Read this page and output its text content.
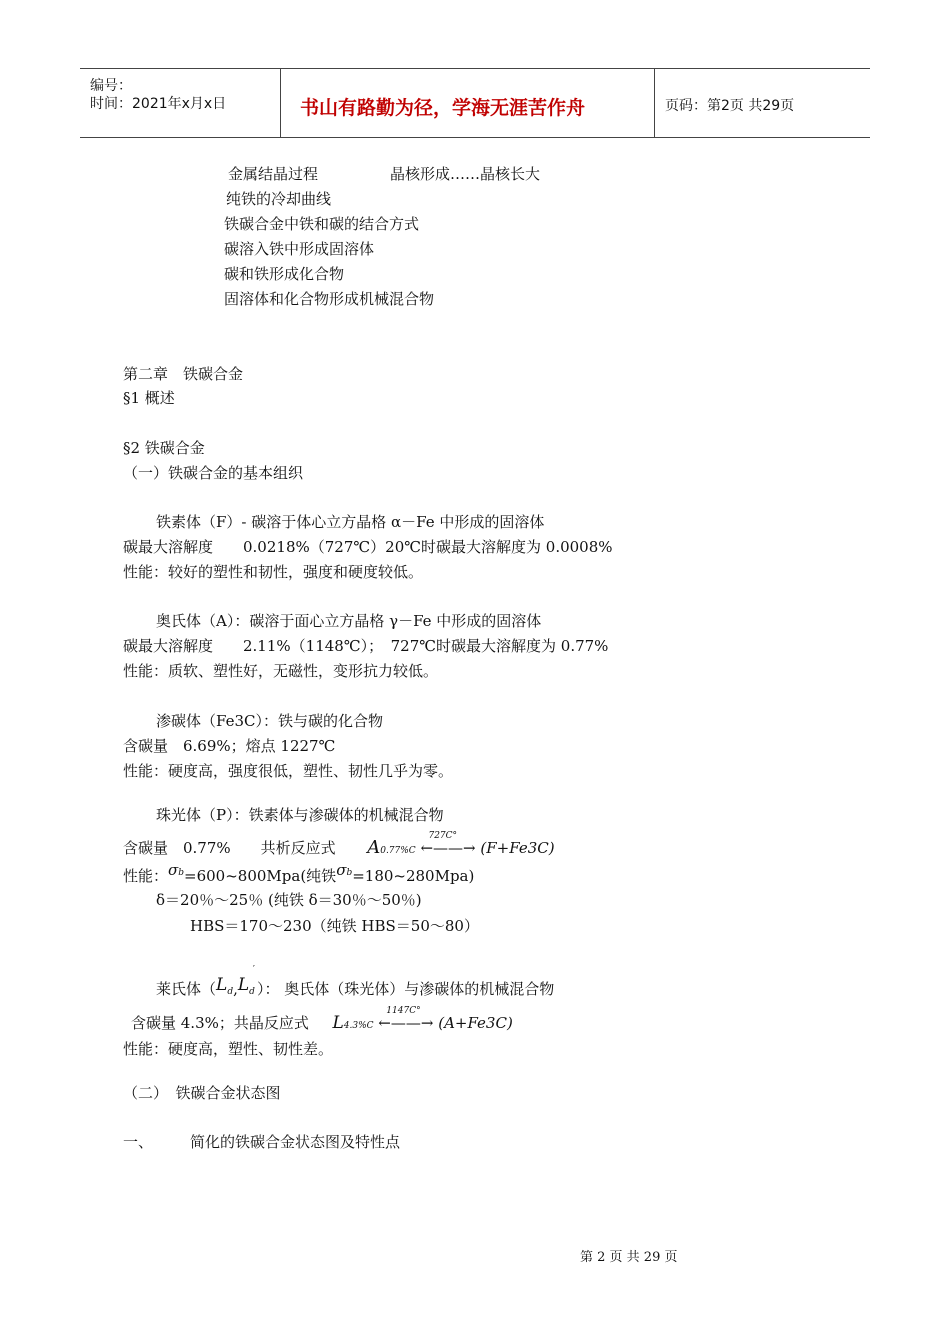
编号：
时间：2021年x月x日	书山有路勤为径，学海无涯苦作舟	页码：第2页 共29页
金属结晶过程	晶核形成……晶核长大
纯铁的冷却曲线
铁碳合金中铁和碳的结合方式
碳溶入铁中形成固溶体
碳和铁形成化合物
固溶体和化合物形成机械混合物
第二章　铁碳合金
§1 概述
§2 铁碳合金
（一）铁碳合金的基本组织
铁素体（F）- 碳溶于体心立方晶格 α－Fe 中形成的固溶体
碳最大溶解度　　0.0218%（727℃）20℃时碳最大溶解度为 0.0008%
性能：较好的塑性和韧性，强度和硬度较低。
奥氏体（A）：碳溶于面心立方晶格 γ－Fe 中形成的固溶体
碳最大溶解度　　2.11%（1148℃）；　727℃时碳最大溶解度为 0.77%
性能：质软、塑性好，无磁性，变形抗力较低。
渗碳体（Fe3C）：铁与碳的化合物
含碳量　6.69%；熔点 1227℃
性能：硬度高，强度很低，塑性、韧性几乎为零。
珠光体（P）：铁素体与渗碳体的机械混合物
含碳量　0.77%　　共析反应式 A0.77%C
727C°
←——→ (F+Fe3C)
性能：$\sigma^b=600\sim 800Mpa$(纯铁$\sigma^b=180\sim 280Mpa$)
δ＝20％～25％ (纯铁 δ＝30％～50％)
HBS＝170～230（纯铁 HBS＝50～80）
莱氏体（Ld,Ld′）： 奥氏体（珠光体）与渗碳体的机械混合物
含碳量 4.3%；共晶反应式 L4.3%C
1147C°
←——→ (A+Fe3C)
性能：硬度高，塑性、韧性差。
（二）　铁碳合金状态图
一、 简化的铁碳合金状态图及特性点
第 2 页 共 29 页
